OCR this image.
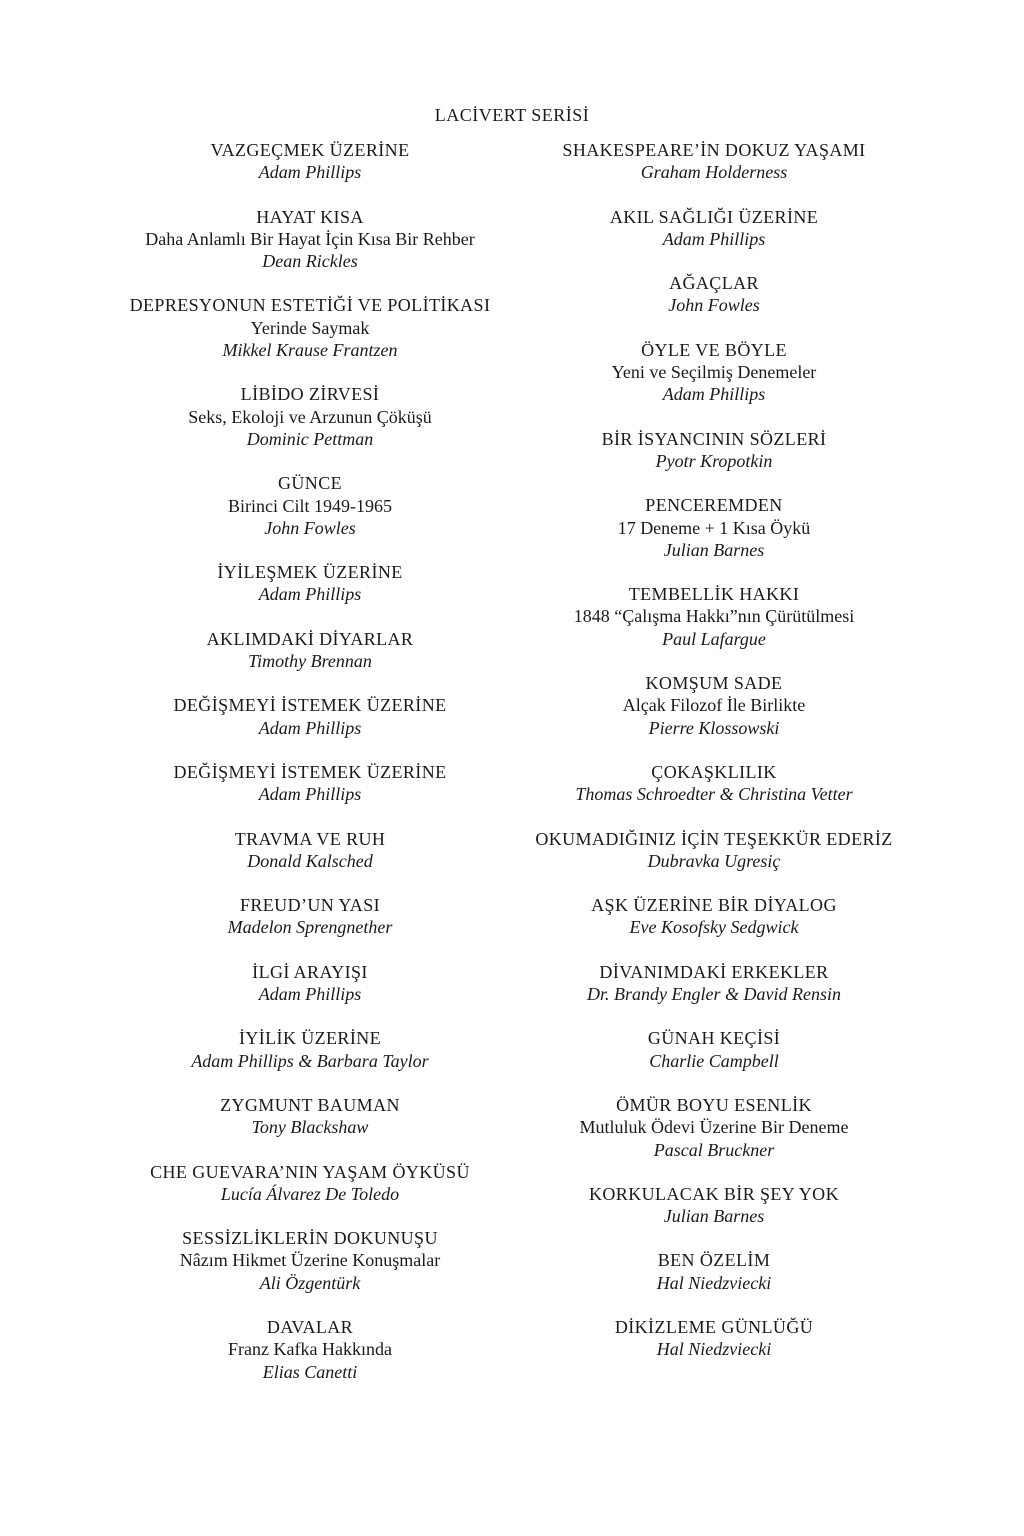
LACİVERT SERİSİ
VAZGEÇMEK ÜZERİNE
Adam Phillips
HAYAT KISA
Daha Anlamlı Bir Hayat İçin Kısa Bir Rehber
Dean Rickles
DEPRESYONUN ESTETİĞİ VE POLİTİKASI
Yerinde Saymak
Mikkel Krause Frantzen
LİBİDO ZİRVESİ
Seks, Ekoloji ve Arzunun Çöküşü
Dominic Pettman
GÜNCE
Birinci Cilt 1949-1965
John Fowles
İYİLEŞMEK ÜZERİNE
Adam Phillips
AKLIMDAKİ DİYARLAR
Timothy Brennan
DEĞİŞMEYİ İSTEMEK ÜZERİNE
Adam Phillips
DEĞİŞMEYİ İSTEMEK ÜZERİNE
Adam Phillips
TRAVMA VE RUH
Donald Kalsched
FREUD’UN YASI
Madelon Sprengnether
İLGİ ARAYIŞI
Adam Phillips
İYİLİK ÜZERİNE
Adam Phillips & Barbara Taylor
ZYGMUNT BAUMAN
Tony Blackshaw
CHE GUEVARA’NIN YAŞAM ÖYKÜSÜ
Lucía Álvarez De Toledo
SESSİZLİKLERİN DOKUNUŞU
Nâzım Hikmet Üzerine Konuşmalar
Ali Özgentürk
DAVALAR
Franz Kafka Hakkında
Elias Canetti
SHAKESPEARE’İN DOKUZ YAŞAMI
Graham Holderness
AKIL SAĞLIĞI ÜZERİNE
Adam Phillips
AĞAÇLAR
John Fowles
ÖYLE VE BÖYLE
Yeni ve Seçilmiş Denemeler
Adam Phillips
BİR İSYANCININ SÖZLERİ
Pyotr Kropotkin
PENCEREMDEN
17 Deneme + 1 Kısa Öykü
Julian Barnes
TEMBELLİK HAKKI
1848 “Çalışma Hakkı”nın Çürütülmesi
Paul Lafargue
KOMŞUM SADE
Alçak Filozof İle Birlikte
Pierre Klossowski
ÇOKAŞKLILIK
Thomas Schroedter & Christina Vetter
OKUMADIĞINIZ İÇİN TEŞEKKÜR EDERİZ
Dubravka Ugresiç
AŞK ÜZERİNE BİR DİYALOG
Eve Kosofsky Sedgwick
DİVANIMDAKİ ERKEKLER
Dr. Brandy Engler & David Rensin
GÜNAH KEÇİSİ
Charlie Campbell
ÖMÜR BOYU ESENLİK
Mutluluk Ödevi Üzerine Bir Deneme
Pascal Bruckner
KORKULACAK BİR ŞEY YOK
Julian Barnes
BEN ÖZELİM
Hal Niedzviecki
DİKİZLEME GÜNLÜĞÜ
Hal Niedzviecki
